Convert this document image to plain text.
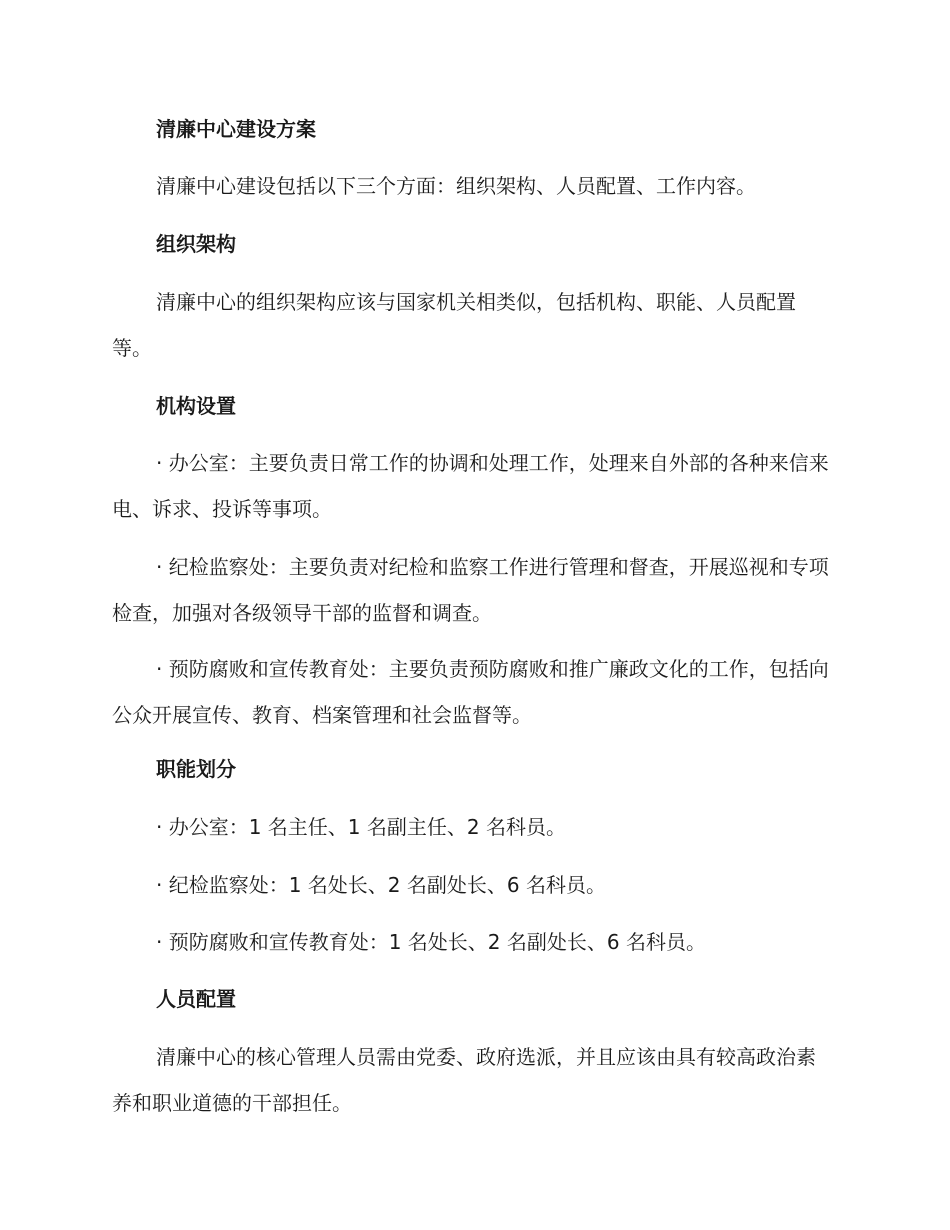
清廉中心建设方案

清廉中心建设包括以下三个方面：组织架构、人员配置、工作内容。

组织架构

清廉中心的组织架构应该与国家机关相类似，包括机构、职能、人员配置等。

机构设置

· 办公室：主要负责日常工作的协调和处理工作，处理来自外部的各种来信来电、诉求、投诉等事项。

· 纪检监察处：主要负责对纪检和监察工作进行管理和督查，开展巡视和专项检查，加强对各级领导干部的监督和调查。

· 预防腐败和宣传教育处：主要负责预防腐败和推广廉政文化的工作，包括向公众开展宣传、教育、档案管理和社会监督等。

职能划分

· 办公室：1 名主任、1 名副主任、2 名科员。

· 纪检监察处：1 名处长、2 名副处长、6 名科员。

· 预防腐败和宣传教育处：1 名处长、2 名副处长、6 名科员。

人员配置

清廉中心的核心管理人员需由党委、政府选派，并且应该由具有较高政治素养和职业道德的干部担任。
